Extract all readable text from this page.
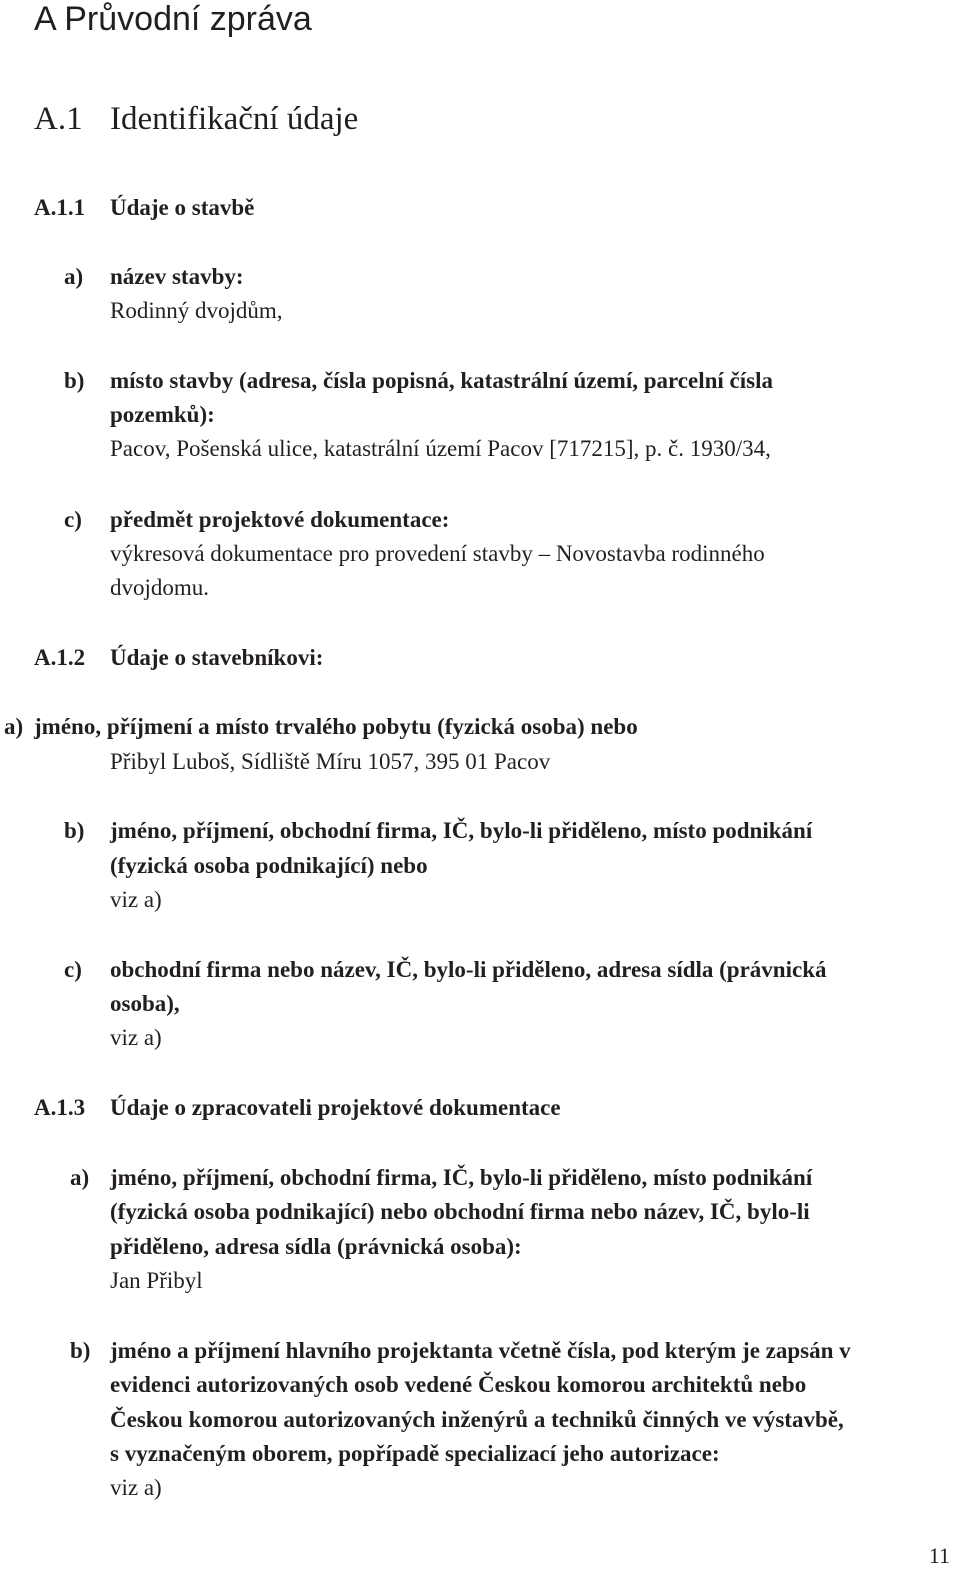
A Průvodní zpráva
A.1 Identifikační údaje
A.1.1 Údaje o stavbě
a) název stavby:
Rodinný dvojdům,
b) místo stavby (adresa, čísla popisná, katastrální území, parcelní čísla
pozemků):
Pacov, Pošenská ulice, katastrální území Pacov [717215], p. č. 1930/34,
c) předmět projektové dokumentace:
výkresová dokumentace pro provedení stavby – Novostavba rodinného
dvojdomu.
A.1.2 Údaje o stavebníkovi:
a) jméno, příjmení a místo trvalého pobytu (fyzická osoba) nebo
Přibyl Luboš, Sídliště Míru 1057, 395 01 Pacov
b) jméno, příjmení, obchodní firma, IČ, bylo-li přiděleno, místo podnikání
(fyzická osoba podnikající) nebo
viz a)
c) obchodní firma nebo název, IČ, bylo-li přiděleno, adresa sídla (právnická
osoba),
viz a)
A.1.3 Údaje o zpracovateli projektové dokumentace
a) jméno, příjmení, obchodní firma, IČ, bylo-li přiděleno, místo podnikání
(fyzická osoba podnikající) nebo obchodní firma nebo název, IČ, bylo-li
přiděleno, adresa sídla (právnická osoba):
Jan Přibyl
b) jméno a příjmení hlavního projektanta včetně čísla, pod kterým je zapsán v
evidenci autorizovaných osob vedené Českou komorou architektů nebo
Českou komorou autorizovaných inženýrů a techniků činných ve výstavbě,
s vyznačeným oborem, popřípadě specializací jeho autorizace:
viz a)
11
